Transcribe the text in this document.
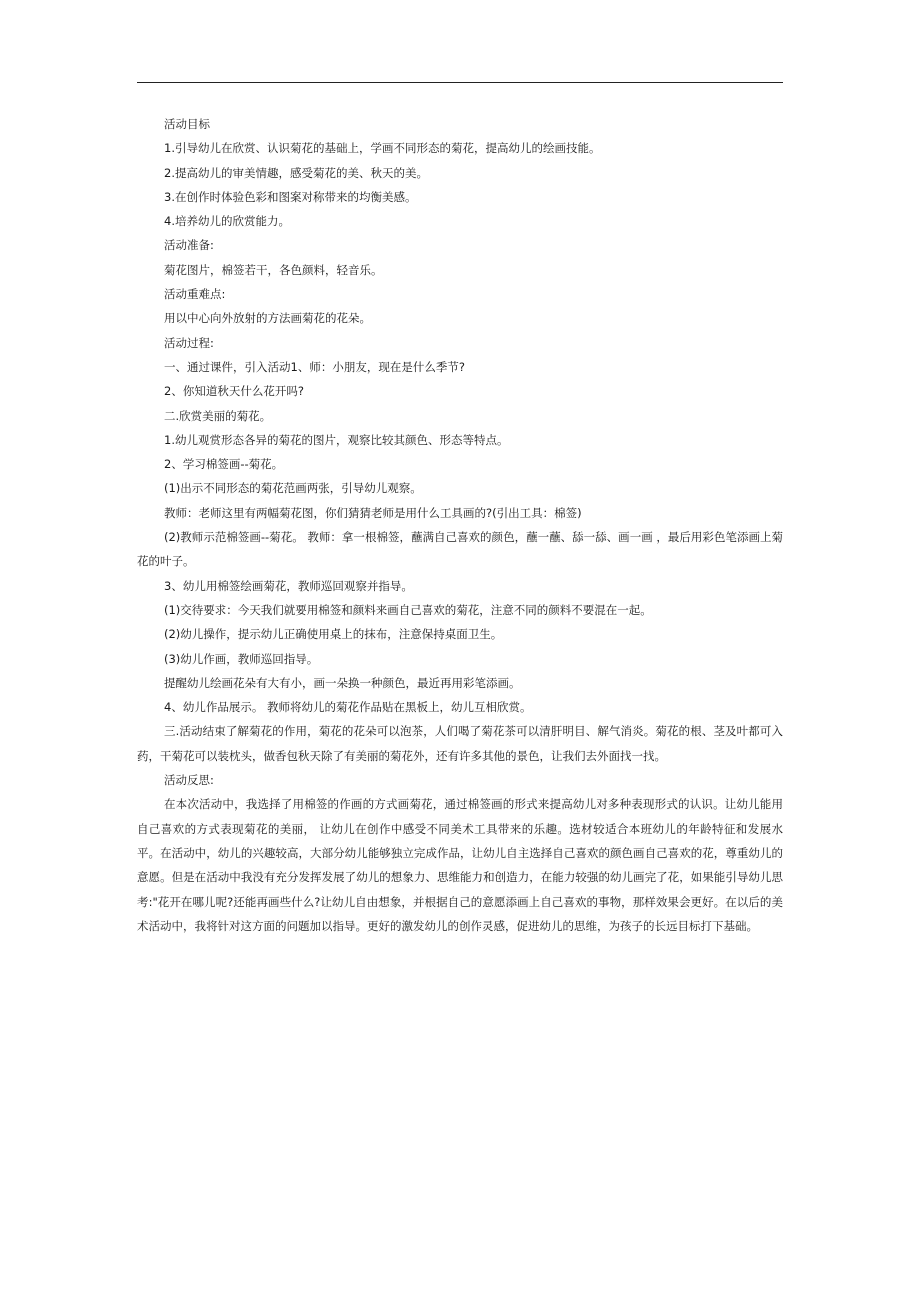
活动目标

1.引导幼儿在欣赏、认识菊花的基础上，学画不同形态的菊花，提高幼儿的绘画技能。

2.提高幼儿的审美情趣，感受菊花的美、秋天的美。

3.在创作时体验色彩和图案对称带来的均衡美感。

4.培养幼儿的欣赏能力。

活动准备:

菊花图片，棉签若干，各色颜料，轻音乐。

活动重难点:

用以中心向外放射的方法画菊花的花朵。

活动过程:

一、通过课件，引入活动1、师：小朋友，现在是什么季节?

2、你知道秋天什么花开吗?

二.欣赏美丽的菊花。

1.幼儿观赏形态各异的菊花的图片，观察比较其颜色、形态等特点。

2、学习棉签画--菊花。

(1)出示不同形态的菊花范画两张，引导幼儿观察。

教师：老师这里有两幅菊花图，你们猜猜老师是用什么工具画的?(引出工具：棉签)

(2)教师示范棉签画--菊花。 教师：拿一根棉签，蘸满自己喜欢的颜色，蘸一蘸、舔一舔、画一画 ，最后用彩色笔添画上菊花的叶子。

3、幼儿用棉签绘画菊花，教师巡回观察并指导。

(1)交待要求：今天我们就要用棉签和颜料来画自己喜欢的菊花，注意不同的颜料不要混在一起。

(2)幼儿操作，提示幼儿正确使用桌上的抹布，注意保持桌面卫生。

(3)幼儿作画，教师巡回指导。

提醒幼儿绘画花朵有大有小，画一朵换一种颜色，最近再用彩笔添画。

4、幼儿作品展示。 教师将幼儿的菊花作品贴在黑板上，幼儿互相欣赏。

三.活动结束了解菊花的作用，菊花的花朵可以泡茶，人们喝了菊花茶可以清肝明目、解气消炎。菊花的根、茎及叶都可入药，干菊花可以装枕头，做香包秋天除了有美丽的菊花外，还有许多其他的景色，让我们去外面找一找。

活动反思:

在本次活动中，我选择了用棉签的作画的方式画菊花，通过棉签画的形式来提高幼儿对多种表现形式的认识。让幼儿能用自己喜欢的方式表现菊花的美丽， 让幼儿在创作中感受不同美术工具带来的乐趣。选材较适合本班幼儿的年龄特征和发展水平。在活动中，幼儿的兴趣较高，大部分幼儿能够独立完成作品，让幼儿自主选择自己喜欢的颜色画自己喜欢的花，尊重幼儿的意愿。但是在活动中我没有充分发挥发展了幼儿的想象力、思维能力和创造力，在能力较强的幼儿画完了花，如果能引导幼儿思考:"花开在哪儿呢?还能再画些什么?让幼儿自由想象，并根据自己的意愿添画上自己喜欢的事物，那样效果会更好。在以后的美术活动中，我将针对这方面的问题加以指导。更好的激发幼儿的创作灵感，促进幼儿的思维，为孩子的长远目标打下基础。
